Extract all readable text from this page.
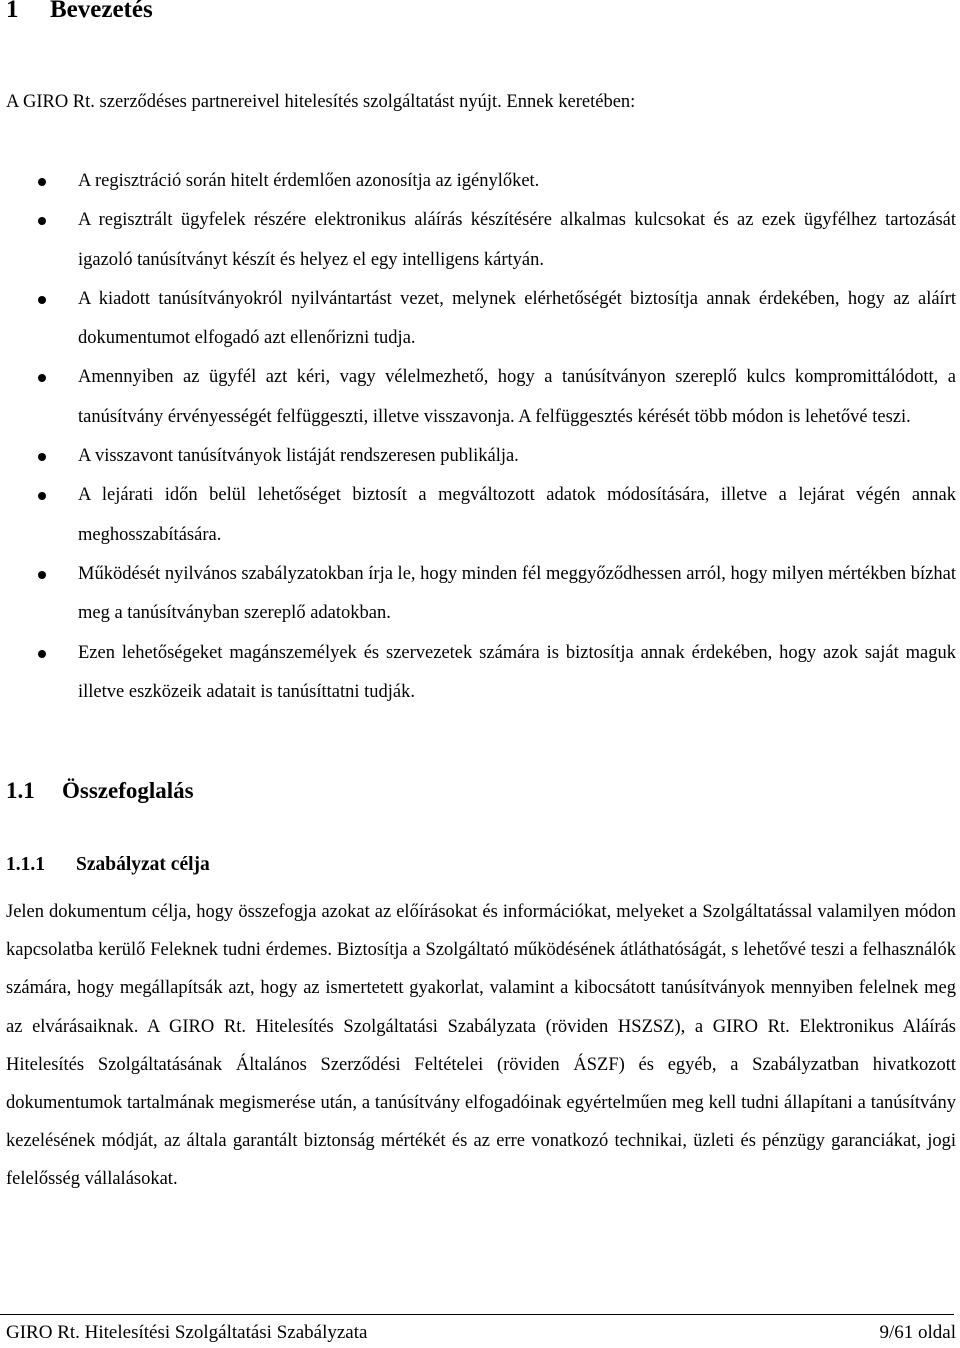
1 Bevezetés
A GIRO Rt. szerződéses partnereivel hitelesítés szolgáltatást nyújt. Ennek keretében:
A regisztráció során hitelt érdemlően azonosítja az igénylőket.
A regisztrált ügyfelek részére elektronikus aláírás készítésére alkalmas kulcsokat és az ezek ügyfélhez tartozását igazoló tanúsítványt készít és helyez el egy intelligens kártyán.
A kiadott tanúsítványokról nyilvántartást vezet, melynek elérhetőségét biztosítja annak érdekében, hogy az aláírt dokumentumot elfogadó azt ellenőrizni tudja.
Amennyiben az ügyfél azt kéri, vagy vélelmezhető, hogy a tanúsítványon szereplő kulcs kompromittálódott, a tanúsítvány érvényességét felfüggeszti, illetve visszavonja. A felfüggesztés kérését több módon is lehetővé teszi.
A visszavont tanúsítványok listáját rendszeresen publikálja.
A lejárati időn belül lehetőséget biztosít a megváltozott adatok módosítására, illetve a lejárat végén annak meghosszabítására.
Működését nyilvános szabályzatokban írja le, hogy minden fél meggyőződhessen arról, hogy milyen mértékben bízhat meg a tanúsítványban szereplő adatokban.
Ezen lehetőségeket magánszemélyek és szervezetek számára is biztosítja annak érdekében, hogy azok saját maguk illetve eszközeik adatait is tanúsíttatni tudják.
1.1 Összefoglalás
1.1.1 Szabályzat célja

Jelen dokumentum célja, hogy összefogja azokat az előírásokat és információkat, melyeket a Szolgáltatással valamilyen módon kapcsolatba kerülő Feleknek tudni érdemes. Biztosítja a Szolgáltató működésének átláthatóságát, s lehetővé teszi a felhasználók számára, hogy megállapítsák azt, hogy az ismertetett gyakorlat, valamint a kibocsátott tanúsítványok mennyiben felelnek meg az elvárásaiknak. A GIRO Rt. Hitelesítés Szolgáltatási Szabályzata (röviden HSZSZ), a GIRO Rt. Elektronikus Aláírás Hitelesítés Szolgáltatásának Általános Szerződési Feltételei (röviden ÁSZF) és egyéb, a Szabályzatban hivatkozott dokumentumok tartalmának megismerése után, a tanúsítvány elfogadóinak egyértelműen meg kell tudni állapítani a tanúsítvány kezelésének módját, az általa garantált biztonság mértékét és az erre vonatkozó technikai, üzleti és pénzügy garanciákat, jogi felelősség vállalásokat.

GIRO Rt. Hitelesítési Szolgáltatási Szabályzata	9/61 oldal
